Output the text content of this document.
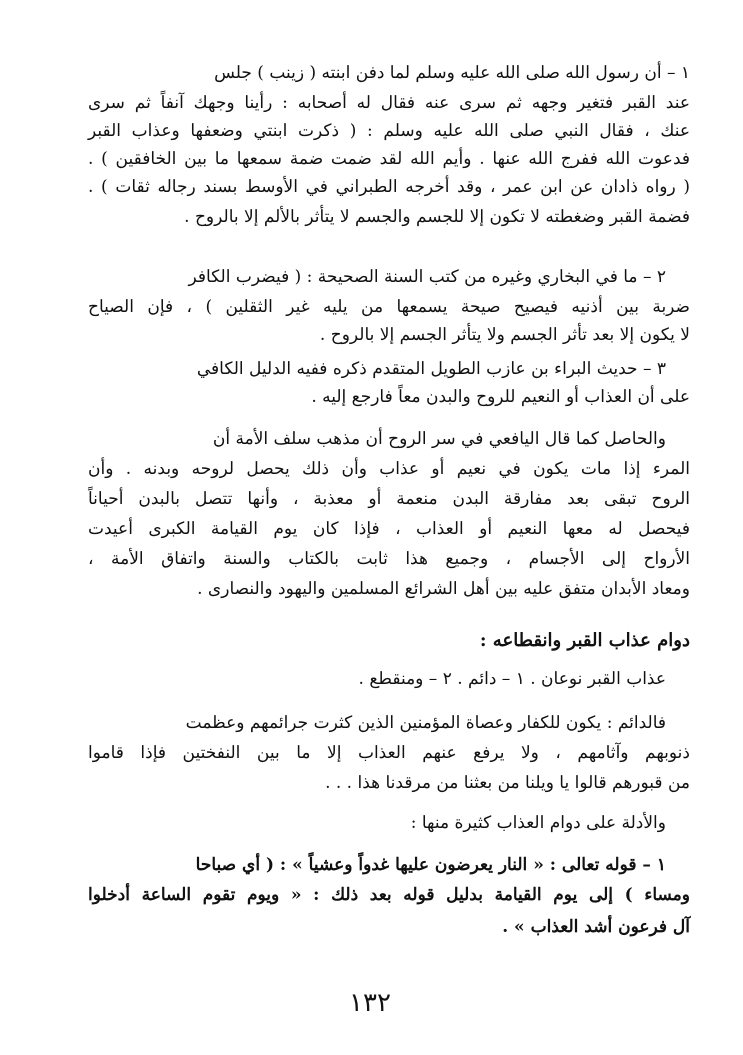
١ – أن رسول الله صلى الله عليه وسلم لما دفن ابنته ( زينب ) جلس
عند القبر فتغير وجهه ثم سرى عنه فقال له أصحابه : رأينا وجهك آنفاً ثم سرى
عنك ، فقال النبي صلى الله عليه وسلم : ( ذكرت ابنتي وضعفها وعذاب القبر
فدعوت الله ففرج الله عنها . وأيم الله لقد ضمت ضمة سمعها ما بين الخافقين ) .
( رواه ذادان عن ابن عمر ، وقد أخرجه الطبراني في الأوسط بسند رجاله ثقات ) .
فضمة القبر وضغطته لا تكون إلا للجسم والجسم لا يتأثر بالألم إلا بالروح .
٢ – ما في البخاري وغيره من كتب السنة الصحيحة : ( فيضرب الكافر
ضربة بين أذنيه فيصيح صيحة يسمعها من يليه غير الثقلين ) ، فإن الصياح
لا يكون إلا بعد تأثر الجسم ولا يتأثر الجسم إلا بالروح .
٣ – حديث البراء بن عازب الطويل المتقدم ذكره ففيه الدليل الكافي
على أن العذاب أو النعيم للروح والبدن معاً فارجع إليه .
والحاصل كما قال اليافعي في سر الروح أن مذهب سلف الأمة أن
المرء إذا مات يكون في نعيم أو عذاب وأن ذلك يحصل لروحه وبدنه . وأن
الروح تبقى بعد مفارقة البدن منعمة أو معذبة ، وأنها تتصل بالبدن أحياناً
فيحصل له معها النعيم أو العذاب ، فإذا كان يوم القيامة الكبرى أعيدت
الأرواح إلى الأجسام ، وجميع هذا ثابت بالكتاب والسنة واتفاق الأمة ،
ومعاد الأبدان متفق عليه بين أهل الشرائع المسلمين واليهود والنصارى .
دوام عذاب القبر وانقطاعه :
عذاب القبر نوعان . ١ – دائم . ٢ – ومنقطع .
فالدائم : يكون للكفار وعصاة المؤمنين الذين كثرت جرائمهم وعظمت
ذنوبهم وآثامهم ، ولا يرفع عنهم العذاب إلا ما بين النفختين فإذا قاموا
من قبورهم قالوا يا ويلنا من بعثنا من مرقدنا هذا . . .
والأدلة على دوام العذاب كثيرة منها :
١ – قوله تعالى : « النار يعرضون عليها غدواً وعشياً » : ( أي صباحا
ومساء ) إلى يوم القيامة بدليل قوله بعد ذلك : « ويوم تقوم الساعة أدخلوا
آل فرعون أشد العذاب » .
١٣٢
